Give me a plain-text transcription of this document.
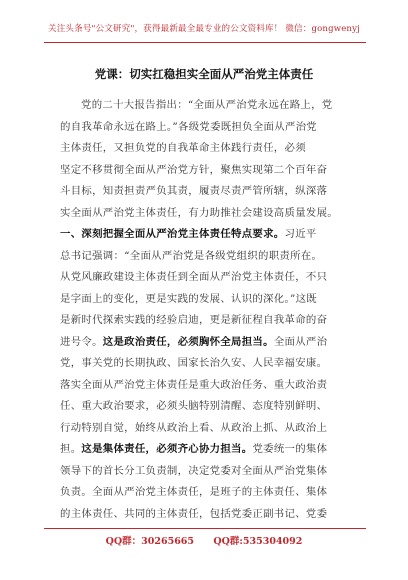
关注头条号"公文研究"，获得最新最全最专业的公文资料库！ 微信：gongwenyj
党课：切实扛稳担实全面从严治党主体责任
党的二十大报告指出：“全面从严治党永远在路上，党
的自我革命永远在路上。”各级党委既担负全面从严治党
主体责任，又担负党的自我革命主体践行责任，必须
坚定不移贯彻全面从严治党方针，聚焦实现第二个百年奋
斗目标，知责担责严负其责，履责尽责严管所辖，纵深落
实全面从严治党主体责任，有力助推社会建设高质量发展。
一、深刻把握全面从严治党主体责任特点要求。习近平
总书记强调：“全面从严治党是各级党组织的职责所在。
从党风廉政建设主体责任到全面从严治党主体责任，不只
是字面上的变化，更是实践的发展、认识的深化。”这既
是新时代探索实践的经验启迪，更是新征程自我革命的奋
进号令。这是政治责任，必须胸怀全局担当。全面从严治
党，事关党的长期执政、国家长治久安、人民幸福安康。
落实全面从严治党主体责任是重大政治任务、重大政治责
任、重大政治要求，必须头脑特别清醒、态度特别鲜明、
行动特别自觉，始终从政治上看、从政治上抓、从政治上
担。这是集体责任，必须齐心协力担当。党委统一的集体
领导下的首长分工负责制，决定党委对全面从严治党集体
负责。全面从严治党主体责任，是班子的主体责任、集体
的主体责任、共同的主体责任，包括党委正副书记、党委
QQ群：30265665 QQ群:535304092
